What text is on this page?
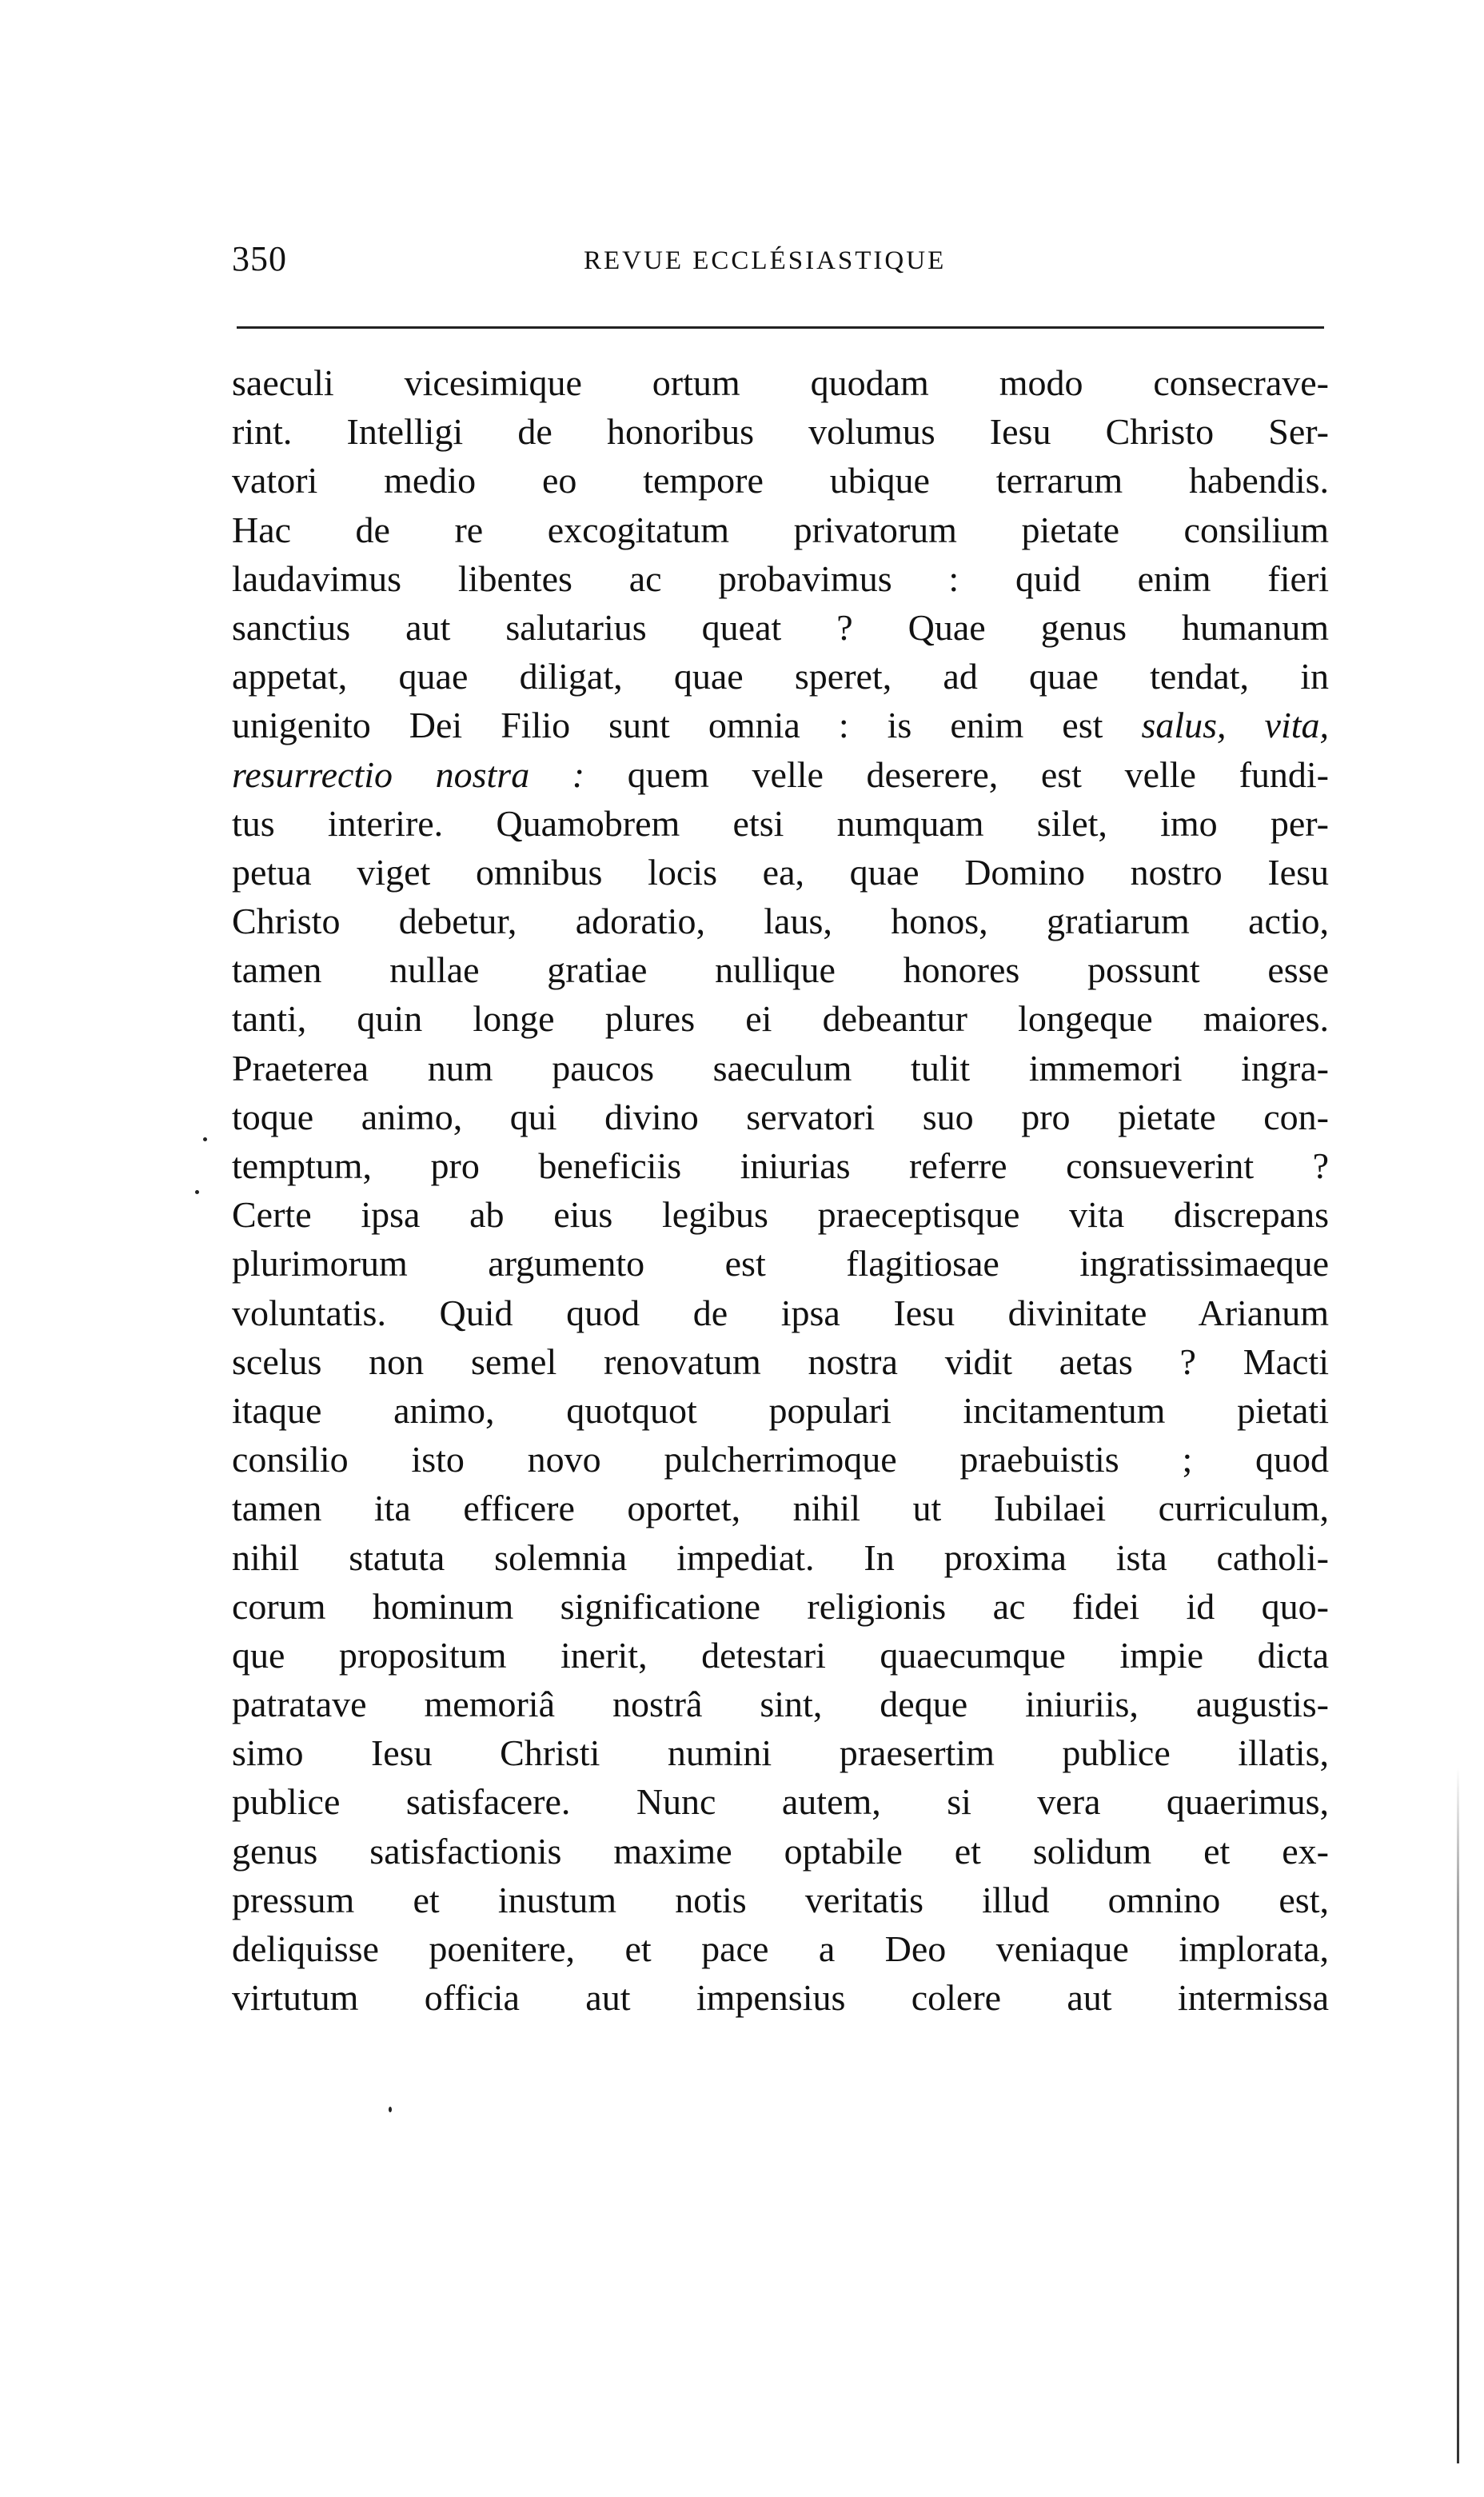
350	REVUE ECCLÉSIASTIQUE
saeculi vicesimique ortum quodam modo consecrave-
rint. Intelligi de honoribus volumus Iesu Christo Ser-
vatori medio eo tempore ubique terrarum habendis.
Hac de re excogitatum privatorum pietate consilium
laudavimus libentes ac probavimus : quid enim fieri
sanctius aut salutarius queat ? Quae genus humanum
appetat, quae diligat, quae speret, ad quae tendat, in
unigenito Dei Filio sunt omnia : is enim est salus, vita,
resurrectio nostra : quem velle deserere, est velle fundi-
tus interire. Quamobrem etsi numquam silet, imo per-
petua viget omnibus locis ea, quae Domino nostro Iesu
Christo debetur, adoratio, laus, honos, gratiarum actio,
tamen nullae gratiae nullique honores possunt esse
tanti, quin longe plures ei debeantur longeque maiores.
Praeterea num paucos saeculum tulit immemori ingra-
toque animo, qui divino servatori suo pro pietate con-
temptum, pro beneficiis iniurias referre consueverint ?
Certe ipsa ab eius legibus praeceptisque vita discrepans
plurimorum argumento est flagitiosae ingratissimaeque
voluntatis. Quid quod de ipsa Iesu divinitate Arianum
scelus non semel renovatum nostra vidit aetas ? Macti
itaque animo, quotquot populari incitamentum pietati
consilio isto novo pulcherrimoque praebuistis ; quod
tamen ita efficere oportet, nihil ut Iubilaei curriculum,
nihil statuta solemnia impediat. In proxima ista catholi-
corum hominum significatione religionis ac fidei id quo-
que propositum inerit, detestari quaecumque impie dicta
patratave memoriâ nostrâ sint, deque iniuriis, augustis-
simo Iesu Christi numini praesertim publice illatis,
publice satisfacere. Nunc autem, si vera quaerimus,
genus satisfactionis maxime optabile et solidum et ex-
pressum et inustum notis veritatis illud omnino est,
deliquisse poenitere, et pace a Deo veniaque implorata,
virtutum officia aut impensius colere aut intermissa
